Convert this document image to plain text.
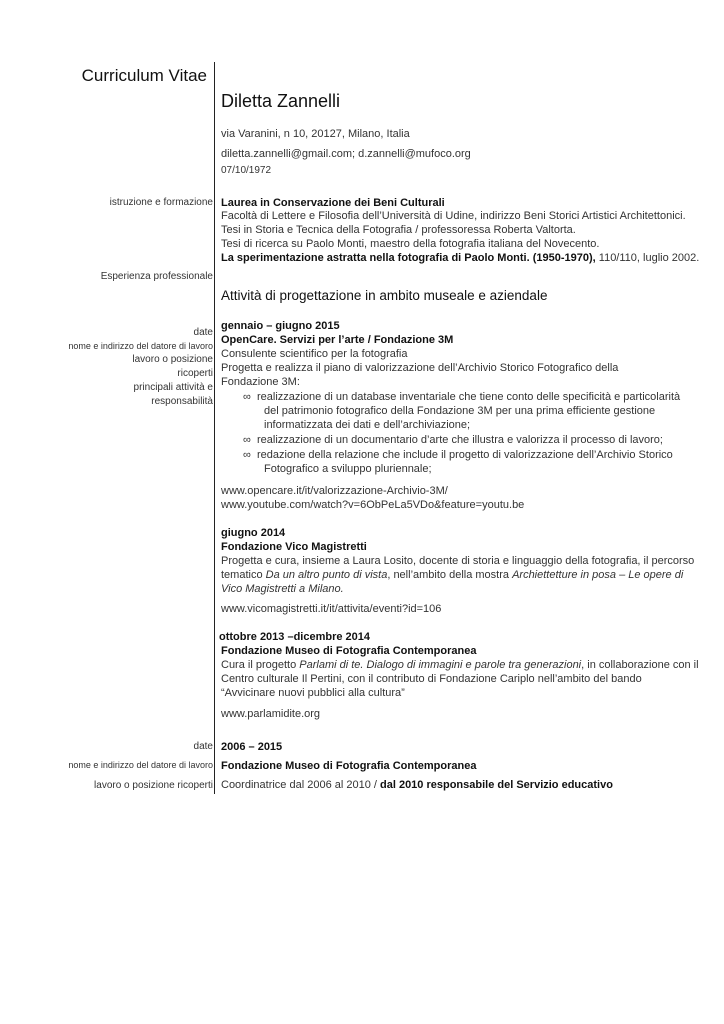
Curriculum Vitae
Diletta Zannelli
via Varanini, n 10, 20127, Milano, Italia
diletta.zannelli@gmail.com; d.zannelli@mufoco.org
07/10/1972
istruzione e formazione Laurea in Conservazione dei Beni Culturali
Facoltà di Lettere e Filosofia dell’Università di Udine, indirizzo Beni Storici Artistici Architettonici.
Tesi in Storia e Tecnica della Fotografia / professoressa Roberta Valtorta.
Tesi di ricerca su Paolo Monti, maestro della fotografia italiana del Novecento.
La sperimentazione astratta nella fotografia di Paolo Monti. (1950-1970), 110/110, luglio 2002.
Esperienza professionale
Attività di progettazione in ambito museale e aziendale
date
nome e indirizzo del datore di lavoro
lavoro o posizione
ricoperti
principali attività e
responsabilità
gennaio – giugno 2015
OpenCare. Servizi per l’arte / Fondazione 3M
Consulente scientifico per la fotografia
Progetta e realizza il piano di valorizzazione dell’Archivio Storico Fotografico della
Fondazione 3M:
∞ realizzazione di un database inventariale che tiene conto delle specificità e particolarità
del patrimonio fotografico della Fondazione 3M per una prima efficiente gestione
informatizzata dei dati e dell’archiviazione;
∞ realizzazione di un documentario d’arte che illustra e valorizza il processo di lavoro;
∞ redazione della relazione che include il progetto di valorizzazione dell’Archivio Storico
Fotografico a sviluppo pluriennale;
www.opencare.it/it/valorizzazione-Archivio-3M/
www.youtube.com/watch?v=6ObPeLa5VDo&feature=youtu.be
giugno 2014
Fondazione Vico Magistretti
Progetta e cura, insieme a Laura Losito, docente di storia e linguaggio della fotografia, il percorso
tematico Da un altro punto di vista, nell’ambito della mostra Archiettetture in posa – Le opere di
Vico Magistretti a Milano.
www.vicomagistretti.it/it/attivita/eventi?id=106
ottobre 2013 –dicembre 2014
Fondazione Museo di Fotografia Contemporanea
Cura il progetto Parlami di te. Dialogo di immagini e parole tra generazioni, in collaborazione con il
Centro culturale Il Pertini, con il contributo di Fondazione Cariplo nell’ambito del bando
“Avvicinare nuovi pubblici alla cultura”
www.parlamidite.org
date
nome e indirizzo del datore di lavoro
lavoro o posizione ricoperti
2006 – 2015
Fondazione Museo di Fotografia Contemporanea
Coordinatrice dal 2006 al 2010 / dal 2010 responsabile del Servizio educativo
